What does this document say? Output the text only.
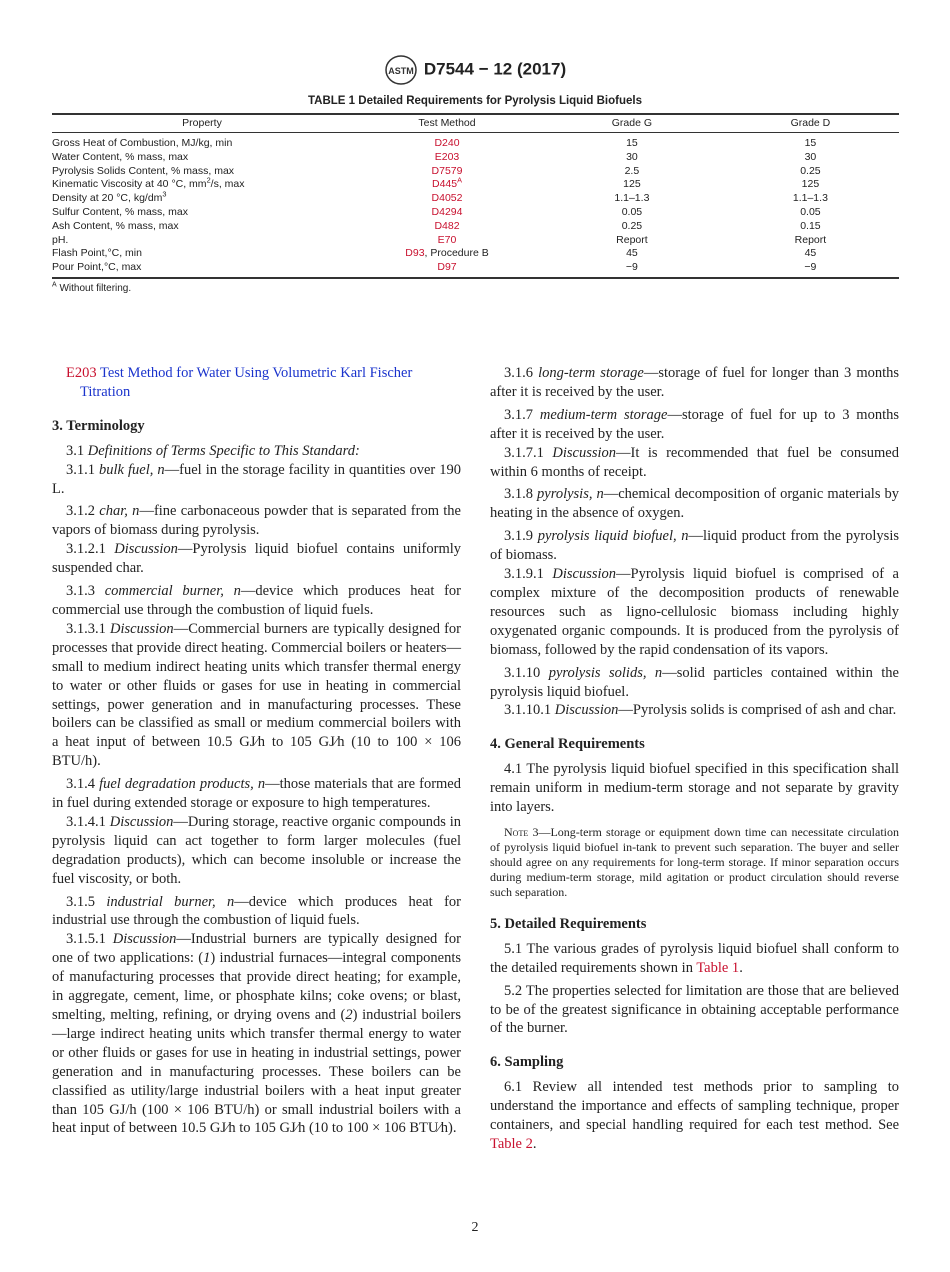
ASTM D7544 − 12 (2017)
TABLE 1 Detailed Requirements for Pyrolysis Liquid Biofuels
Property	Test Method	Grade G	Grade D
Gross Heat of Combustion, MJ/kg, min	D240	15	15
Water Content, % mass, max	E203	30	30
Pyrolysis Solids Content, % mass, max	D7579	2.5	0.25
Kinematic Viscosity at 40 °C, $mm^2/s$, max	$D445^A$	125	125
Density at 20 °C, $kg/dm^3$	D4052	1.1–1.3	1.1–1.3
Sulfur Content, % mass, max	D4294	0.05	0.05
Ash Content, % mass, max	D482	0.25	0.15
pH.	E70	Report	Report
Flash Point,°C, min	D93, Procedure B	45	45
Pour Point,°C, max	D97	−9	−9
$^A$ Without filtering.

E203 Test Method for Water Using Volumetric Karl Fischer Titration

3. Terminology

3.1 Definitions of Terms Specific to This Standard:

3.1.1 bulk fuel, n—fuel in the storage facility in quantities over 190 L.

3.1.2 char, n—fine carbonaceous powder that is separated from the vapors of biomass during pyrolysis.

3.1.2.1 Discussion—Pyrolysis liquid biofuel contains uniformly suspended char.

3.1.3 commercial burner, n—device which produces heat for commercial use through the combustion of liquid fuels.

3.1.3.1 Discussion—Commercial burners are typically designed for processes that provide direct heating. Commercial boilers or heaters—small to medium indirect heating units which transfer thermal energy to water or other fluids or gases for use in heating in commercial settings, power generation and in manufacturing processes. These boilers can be classified as small or medium commercial boilers with a heat input of between 10.5 GJ⁄h to 105 GJ⁄h (10 to 100 × 106 BTU/h).

3.1.4 fuel degradation products, n—those materials that are formed in fuel during extended storage or exposure to high temperatures.

3.1.4.1 Discussion—During storage, reactive organic compounds in pyrolysis liquid can act together to form larger molecules (fuel degradation products), which can become insoluble or increase the fuel viscosity, or both.

3.1.5 industrial burner, n—device which produces heat for industrial use through the combustion of liquid fuels.

3.1.5.1 Discussion—Industrial burners are typically designed for one of two applications: (1) industrial furnaces—integral components of manufacturing processes that provide direct heating; for example, in aggregate, cement, lime, or phosphate kilns; coke ovens; or blast, smelting, melting, refining, or drying ovens and (2) industrial boilers—large indirect heating units which transfer thermal energy to water or other fluids or gases for use in heating in industrial settings, power generation and in manufacturing processes. These boilers can be classified as utility/large industrial boilers with a heat input greater than 105 GJ/h (100 × 106 BTU/h) or small industrial boilers with a heat input of between 10.5 GJ⁄h to 105 GJ⁄h (10 to 100 × 106 BTU⁄h).

3.1.6 long-term storage—storage of fuel for longer than 3 months after it is received by the user.

3.1.7 medium-term storage—storage of fuel for up to 3 months after it is received by the user.

3.1.7.1 Discussion—It is recommended that fuel be consumed within 6 months of receipt.

3.1.8 pyrolysis, n—chemical decomposition of organic materials by heating in the absence of oxygen.

3.1.9 pyrolysis liquid biofuel, n—liquid product from the pyrolysis of biomass.

3.1.9.1 Discussion—Pyrolysis liquid biofuel is comprised of a complex mixture of the decomposition products of renewable resources such as ligno-cellulosic biomass including highly oxygenated organic compounds. It is produced from the pyrolysis of biomass, followed by the rapid condensation of its vapors.

3.1.10 pyrolysis solids, n—solid particles contained within the pyrolysis liquid biofuel.

3.1.10.1 Discussion—Pyrolysis solids is comprised of ash and char.

4. General Requirements

4.1 The pyrolysis liquid biofuel specified in this specification shall remain uniform in medium-term storage and not separate by gravity into layers.

Note 3—Long-term storage or equipment down time can necessitate circulation of pyrolysis liquid biofuel in-tank to prevent such separation. The buyer and seller should agree on any requirements for long-term storage. If minor separation occurs during medium-term storage, mild agitation or product circulation should reverse such separation.

5. Detailed Requirements

5.1 The various grades of pyrolysis liquid biofuel shall conform to the detailed requirements shown in Table 1.

5.2 The properties selected for limitation are those that are believed to be of the greatest significance in obtaining acceptable performance of the burner.

6. Sampling

6.1 Review all intended test methods prior to sampling to understand the importance and effects of sampling technique, proper containers, and special handling required for each test method. See Table 2.

2
